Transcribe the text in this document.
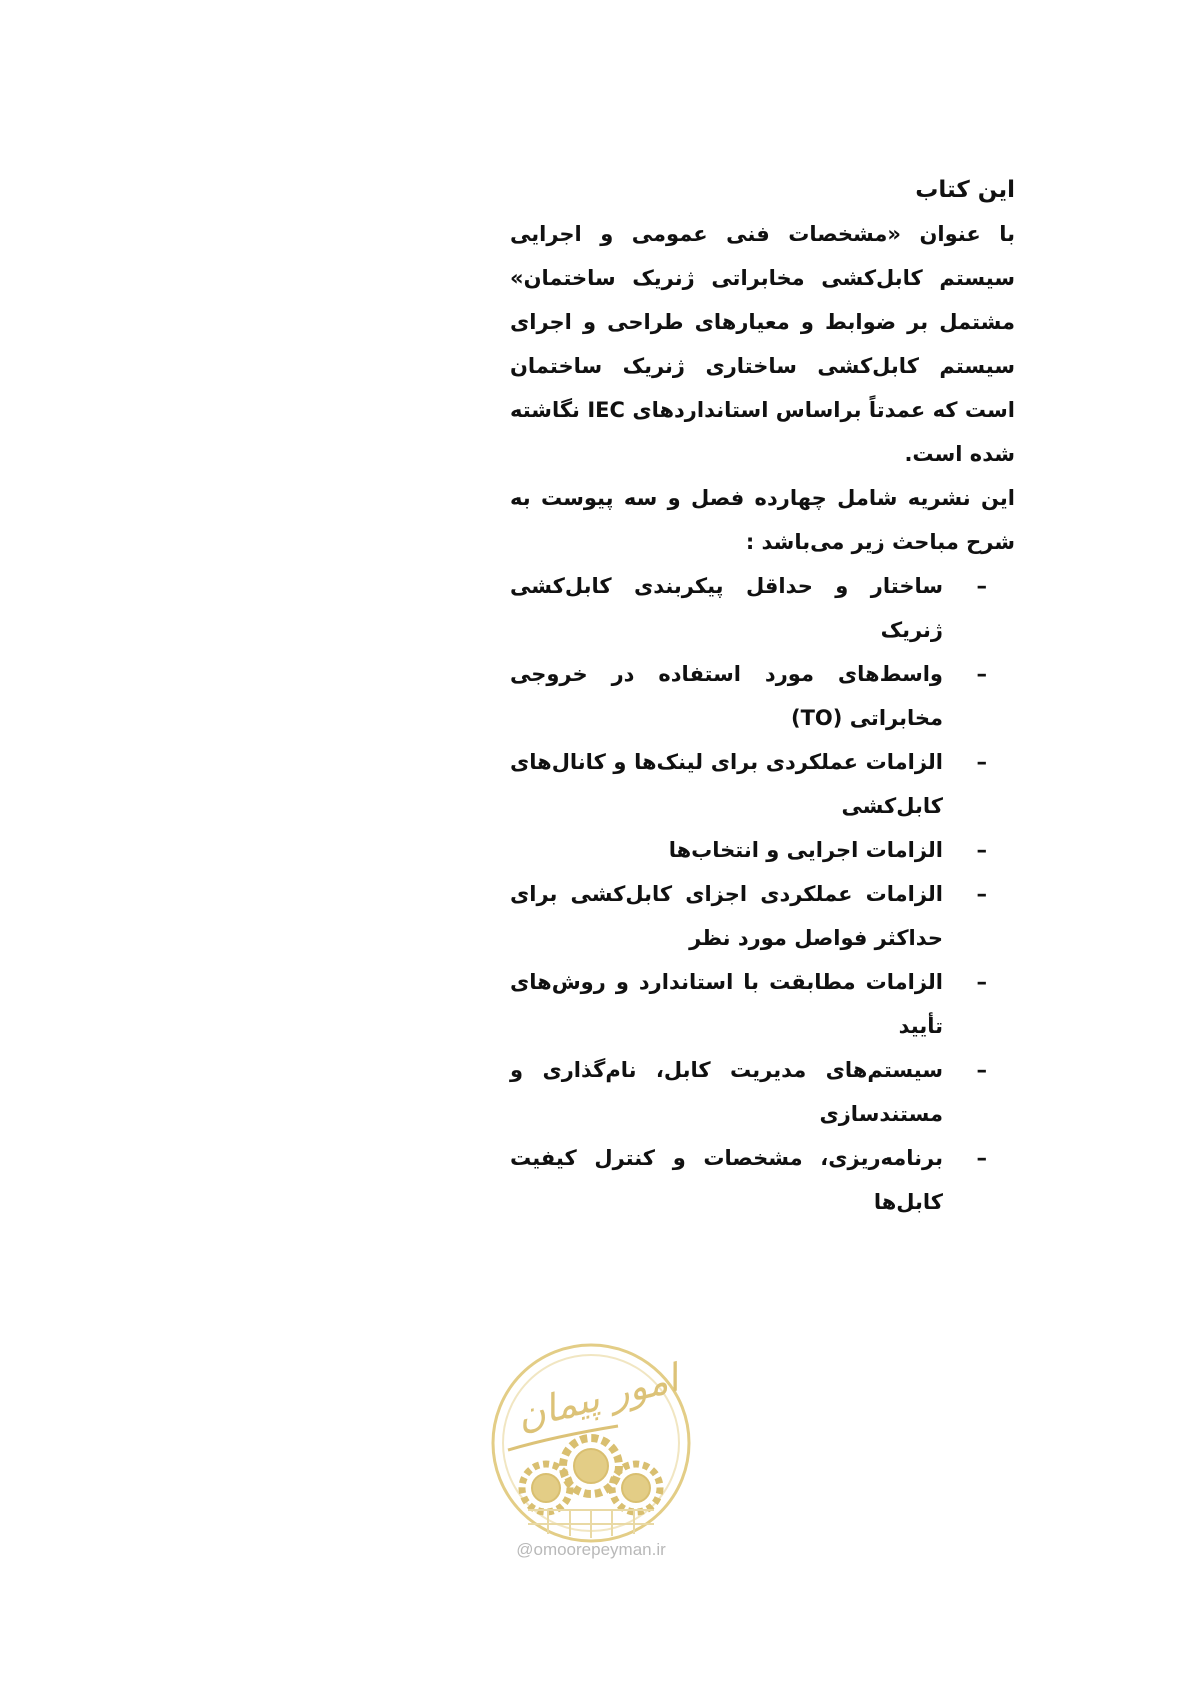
این کتاب

با عنوان «مشخصات فنی عمومی و اجرایی سیستم کابل‌کشی مخابراتی ژنریک ساختمان» مشتمل بر ضوابط و معیارهای طراحی و اجرای سیستم کابل‌کشی ساختاری ژنریک ساختمان است که عمدتاً براساس استانداردهای IEC نگاشته شده است.

این نشریه شامل چهارده فصل و سه پیوست به شرح مباحث زیر می‌باشد :

–
ساختار و حداقل پیکربندی کابل‌کشی ژنریک
–
واسط‌های مورد استفاده در خروجی مخابراتی (TO)
–
الزامات عملکردی برای لینک‌ها و کانال‌های کابل‌کشی
–
الزامات اجرایی و انتخاب‌ها
–
الزامات عملکردی اجزای کابل‌کشی برای حداکثر فواصل مورد نظر
–
الزامات مطابقت با استاندارد و روش‌های تأیید
–
سیستم‌های مدیریت کابل، نام‌گذاری و مستندسازی
–
برنامه‌ریزی، مشخصات و کنترل کیفیت کابل‌ها
امور پیمان
@omoorepeyman.ir
